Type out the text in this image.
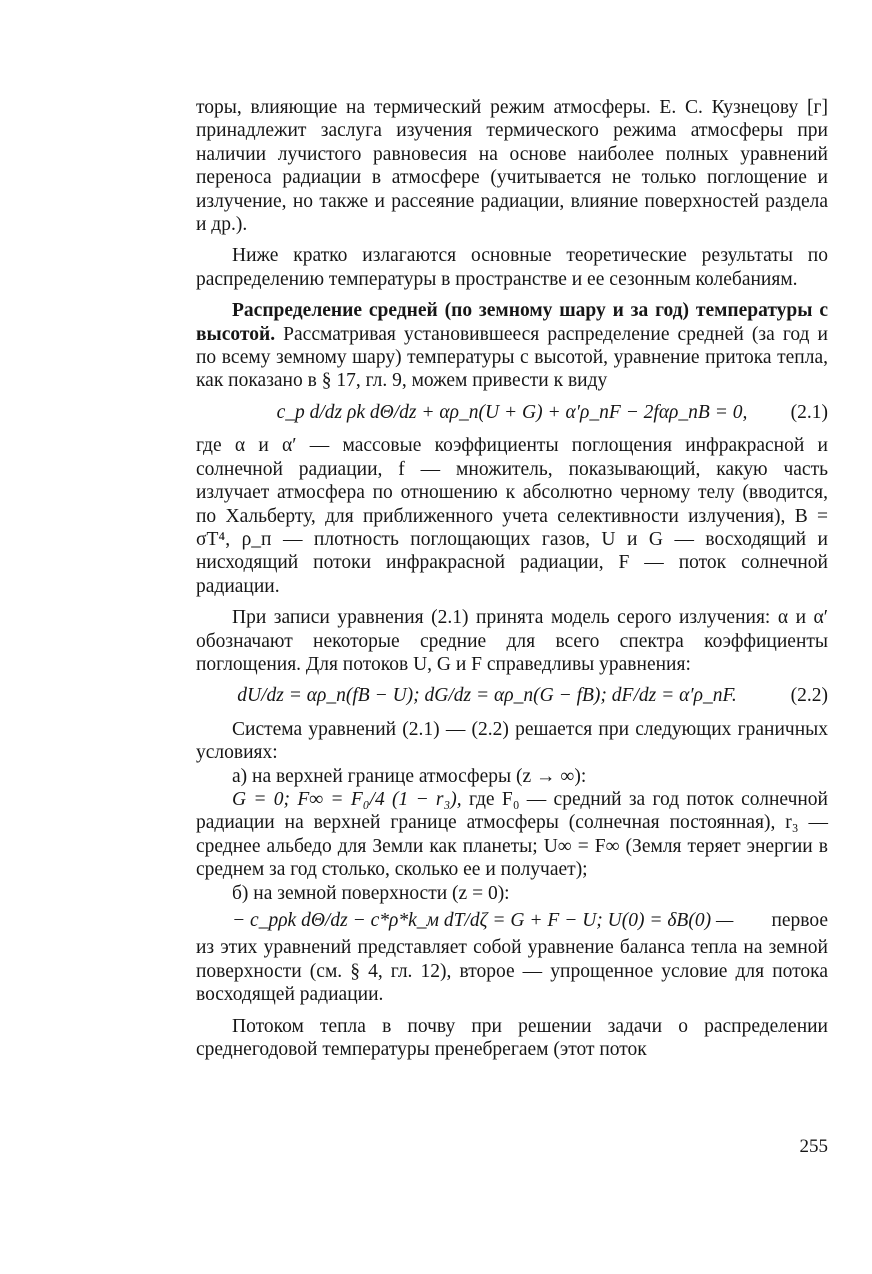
торы, влияющие на термический режим атмосферы. Е. С. Кузнецову [г] принадлежит заслуга изучения термического режима атмосферы при наличии лучистого равновесия на основе наиболее полных уравнений переноса радиации в атмосфере (учитывается не только поглощение и излучение, но также и рассеяние радиации, влияние поверхностей раздела и др.).

Ниже кратко излагаются основные теоретические результаты по распределению температуры в пространстве и ее сезонным колебаниям.

Распределение средней (по земному шару и за год) температуры с высотой. Рассматривая установившееся распределение средней (за год и по всему земному шару) температуры с высотой, уравнение притока тепла, как показано в § 17, гл. 9, можем привести к виду

c_p d/dz ρk dΘ/dz + αρ_п(U + G) + α′ρ_пF − 2fαρ_пB = 0,	(2.1)

где α и α′ — массовые коэффициенты поглощения инфракрасной и солнечной радиации, f — множитель, показывающий, какую часть излучает атмосфера по отношению к абсолютно черному телу (вводится, по Хальберту, для приближенного учета селективности излучения), B = σT⁴, ρ_п — плотность поглощающих газов, U и G — восходящий и нисходящий потоки инфракрасной радиации, F — поток солнечной радиации.

При записи уравнения (2.1) принята модель серого излучения: α и α′ обозначают некоторые средние для всего спектра коэффициенты поглощения. Для потоков U, G и F справедливы уравнения:

dU/dz = αρ_п(fB − U); dG/dz = αρ_п(G − fB); dF/dz = α′ρ_пF.	(2.2)

Система уравнений (2.1) — (2.2) решается при следующих граничных условиях:

а) на верхней границе атмосферы (z → ∞):

G = 0; F∞ = F₀/4 (1 − r₃), где F₀ — средний за год поток солнечной радиации на верхней границе атмосферы (солнечная постоянная), r₃ — среднее альбедо для Земли как планеты; U∞ = F∞ (Земля теряет энергии в среднем за год столько, сколько ее и получает);

б) на земной поверхности (z = 0):

− c_pρk dΘ/dz − c*ρ*k_м dT/dζ = G + F − U; U(0) = δB(0) — первое

из этих уравнений представляет собой уравнение баланса тепла на земной поверхности (см. § 4, гл. 12), второе — упрощенное условие для потока восходящей радиации.

Потоком тепла в почву при решении задачи о распределении среднегодовой температуры пренебрегаем (этот поток

255
